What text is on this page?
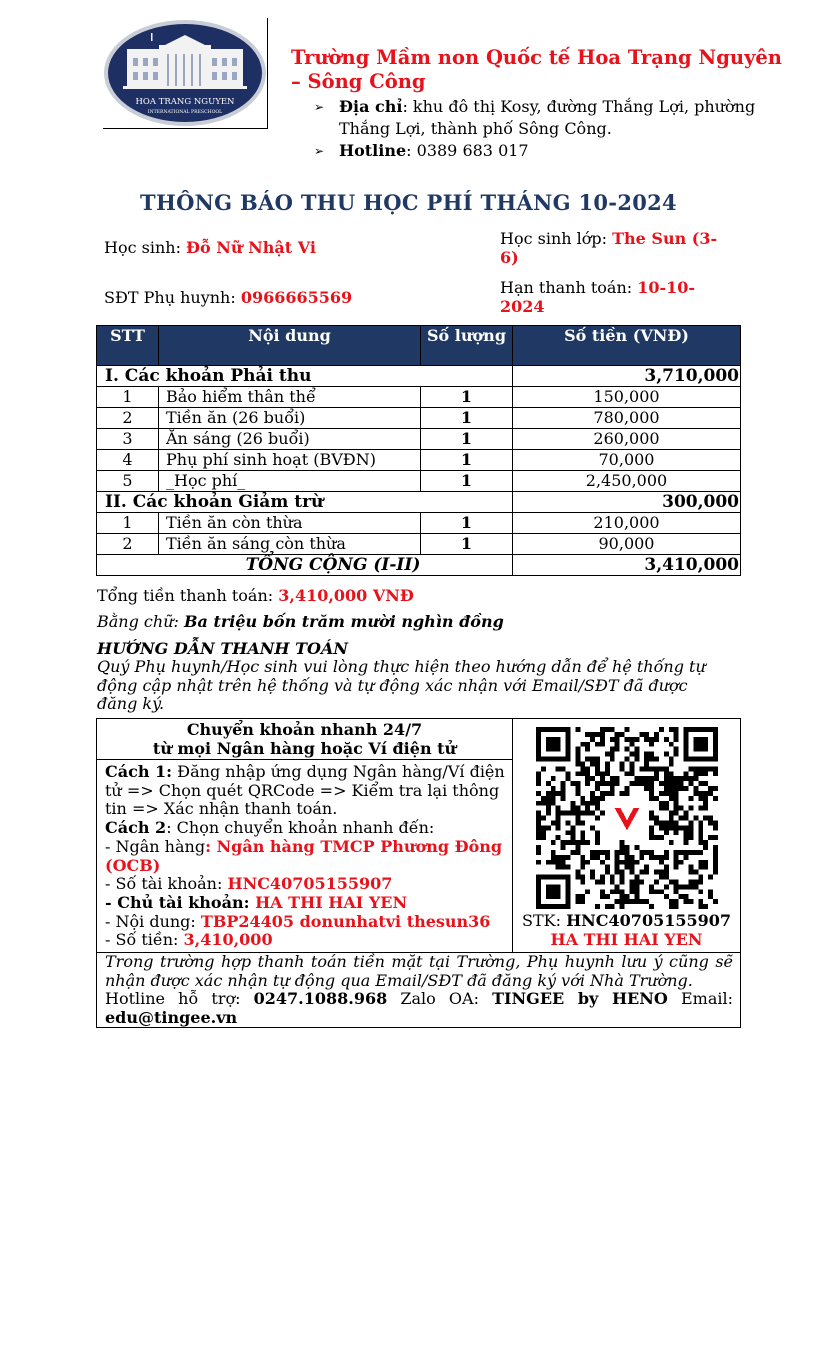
HOA TRANG NGUYEN
INTERNATIONAL PRESCHOOL
Trường Mầm non Quốc tế Hoa Trạng Nguyên – Sông Công
➢ Địa chỉ: khu đô thị Kosy, đường Thắng Lợi, phường Thắng Lợi, thành phố Sông Công.
➢ Hotline: 0389 683 017
THÔNG BÁO THU HỌC PHÍ THÁNG 10-2024
Học sinh: Đỗ Nữ Nhật Vi	Học sinh lớp: The Sun (3-6)
SĐT Phụ huynh: 0966665569
Hạn thanh toán: 10-10-2024
STT	Nội dung	Số lượng	Số tiền (VNĐ)
I. Các khoản Phải thu			3,710,000
1	Bảo hiểm thân thể	1	150,000
2	Tiền ăn (26 buổi)	1	780,000
3	Ăn sáng (26 buổi)	1	260,000
4	Phụ phí sinh hoạt (BVĐN)	1	70,000
5	_Học phí_	1	2,450,000
II. Các khoản Giảm trừ			300,000
1	Tiền ăn còn thừa	1	210,000
2	Tiền ăn sáng còn thừa	1	90,000
TỔNG CỘNG (I-II)			3,410,000
Tổng tiền thanh toán: 3,410,000 VNĐ
Bằng chữ: Ba triệu bốn trăm mười nghìn đồng
HƯỚNG DẪN THANH TOÁN
Quý Phụ huynh/Học sinh vui lòng thực hiện theo hướng dẫn để hệ thống tự động cập nhật trên hệ thống và tự động xác nhận với Email/SĐT đã được đăng ký.
Chuyển khoản nhanh 24/7
từ mọi Ngân hàng hoặc Ví điện tử

STK: HNC40705155907
HA THI HAI YEN

Cách 1: Đăng nhập ứng dụng Ngân hàng/Ví điện tử => Chọn quét QRCode => Kiểm tra lại thông tin => Xác nhận thanh toán.
Cách 2: Chọn chuyển khoản nhanh đến:
- Ngân hàng: Ngân hàng TMCP Phương Đông (OCB)
- Số tài khoản: HNC40705155907
- Chủ tài khoản: HA THI HAI YEN
- Nội dung: TBP24405 donunhatvi thesun36
- Số tiền: 3,410,000

Trong trường hợp thanh toán tiền mặt tại Trường, Phụ huynh lưu ý cũng sẽ nhận được xác nhận tự động qua Email/SĐT đã đăng ký với Nhà Trường.
Hotline hỗ trợ: 0247.1088.968 Zalo OA: TINGEE by HENO Email:
edu@tingee.vn
